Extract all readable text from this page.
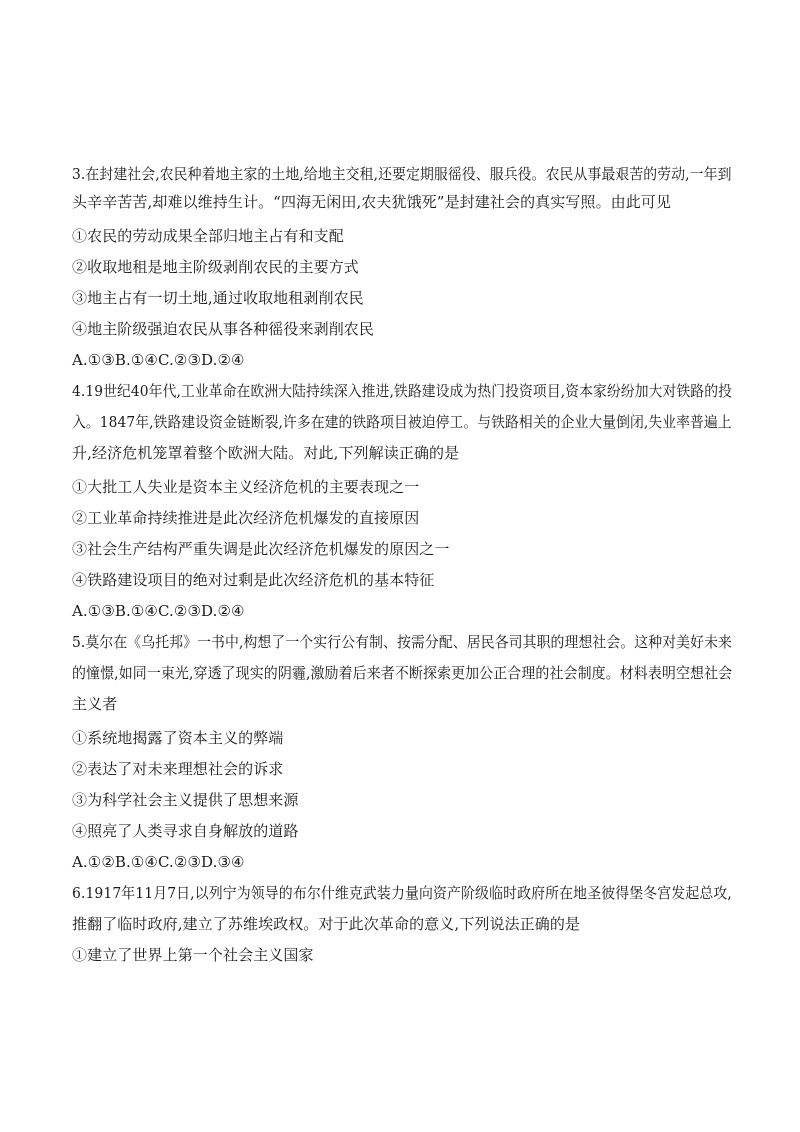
3.在封建社会,农民种着地主家的土地,给地主交租,还要定期服徭役、服兵役。农民从事最艰苦的劳动,一年到
头辛辛苦苦,却难以维持生计。“四海无闲田,农夫犹饿死”是封建社会的真实写照。由此可见
①农民的劳动成果全部归地主占有和支配
②收取地租是地主阶级剥削农民的主要方式
③地主占有一切土地,通过收取地租剥削农民
④地主阶级强迫农民从事各种徭役来剥削农民
A.①③B.①④C.②③D.②④
4.19世纪40年代,工业革命在欧洲大陆持续深入推进,铁路建设成为热门投资项目,资本家纷纷加大对铁路的投
入。1847年,铁路建设资金链断裂,许多在建的铁路项目被迫停工。与铁路相关的企业大量倒闭,失业率普遍上
升,经济危机笼罩着整个欧洲大陆。对此,下列解读正确的是
①大批工人失业是资本主义经济危机的主要表现之一
②工业革命持续推进是此次经济危机爆发的直接原因
③社会生产结构严重失调是此次经济危机爆发的原因之一
④铁路建设项目的绝对过剩是此次经济危机的基本特征
A.①③B.①④C.②③D.②④
5.莫尔在《乌托邦》一书中,构想了一个实行公有制、按需分配、居民各司其职的理想社会。这种对美好未来
的憧憬,如同一束光,穿透了现实的阴霾,激励着后来者不断探索更加公正合理的社会制度。材料表明空想社会
主义者
①系统地揭露了资本主义的弊端
②表达了对未来理想社会的诉求
③为科学社会主义提供了思想来源
④照亮了人类寻求自身解放的道路
A.①②B.①④C.②③D.③④
6.1917年11月7日,以列宁为领导的布尔什维克武装力量向资产阶级临时政府所在地圣彼得堡冬宫发起总攻,
推翻了临时政府,建立了苏维埃政权。对于此次革命的意义,下列说法正确的是
①建立了世界上第一个社会主义国家
